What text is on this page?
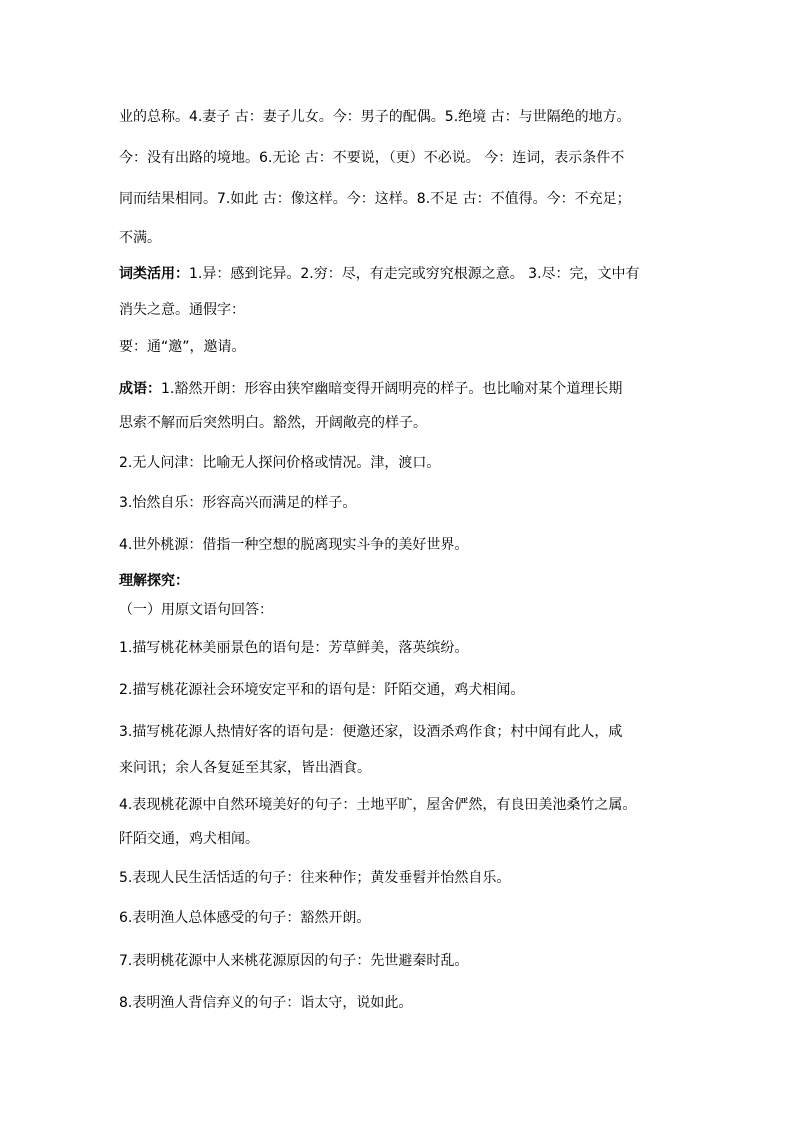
业的总称。4.妻子 古：妻子儿女。今：男子的配偶。5.绝境 古：与世隔绝的地方。
今：没有出路的境地。6.无论 古：不要说，（更）不必说。 今：连词，表示条件不
同而结果相同。7.如此 古：像这样。今：这样。8.不足 古：不值得。今：不充足；
不满。
词类活用：1.异：感到诧异。2.穷：尽，有走完或穷究根源之意。 3.尽：完，文中有
消失之意。通假字：
要：通“邀”，邀请。
成语：1.豁然开朗：形容由狭窄幽暗变得开阔明亮的样子。也比喻对某个道理长期
思索不解而后突然明白。豁然，开阔敞亮的样子。
2.无人问津：比喻无人探问价格或情况。津，渡口。
3.怡然自乐：形容高兴而满足的样子。
4.世外桃源：借指一种空想的脱离现实斗争的美好世界。
理解探究：
（一）用原文语句回答：
1.描写桃花林美丽景色的语句是：芳草鲜美，落英缤纷。
2.描写桃花源社会环境安定平和的语句是：阡陌交通，鸡犬相闻。
3.描写桃花源人热情好客的语句是：便邀还家，设酒杀鸡作食；村中闻有此人，咸
来问讯；余人各复延至其家，皆出酒食。
4.表现桃花源中自然环境美好的句子：土地平旷，屋舍俨然，有良田美池桑竹之属。
阡陌交通，鸡犬相闻。
5.表现人民生活恬适的句子：往来种作；黄发垂髫并怡然自乐。
6.表明渔人总体感受的句子：豁然开朗。
7.表明桃花源中人来桃花源原因的句子：先世避秦时乱。
8.表明渔人背信弃义的句子：诣太守，说如此。
